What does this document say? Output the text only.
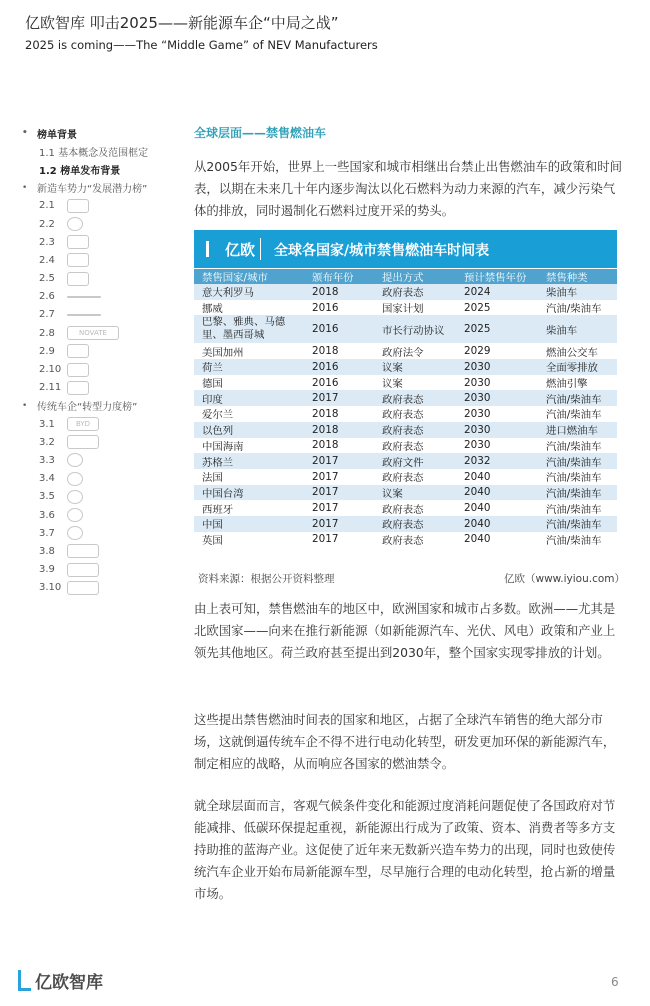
亿欧智库 叩击2025——新能源车企“中局之战”
2025 is coming——The “Middle Game” of NEV Manufacturers
• 榜单背景
1.1 基本概念及范围框定
1.2 榜单发布背景
• 新造车势力“发展潜力榜”
2.1
2.2
2.3
2.4
2.5
2.6
2.7
2.8	NOVATE
2.9
2.10
2.11
• 传统车企“转型力度榜”
3.1	BYD
3.2
3.3
3.4
3.5
3.6
3.7
3.8
3.9
3.10
全球层面——禁售燃油车
从2005年开始，世界上一些国家和城市相继出台禁止出售燃油车的政策和时间表，以期在未来几十年内逐步淘汰以化石燃料为动力来源的汽车，减少污染气体的排放，同时遏制化石燃料过度开采的势头。
亿欧 全球各国家/城市禁售燃油车时间表
禁售国家/城市	颁布年份	提出方式	预计禁售年份	禁售种类
意大利罗马	2018	政府表态	2024	柴油车
挪威	2016	国家计划	2025	汽油/柴油车
巴黎、雅典、马德里、墨西哥城	2016	市长行动协议	2025	柴油车
美国加州	2018	政府法令	2029	燃油公交车
荷兰	2016	议案	2030	全面零排放
德国	2016	议案	2030	燃油引擎
印度	2017	政府表态	2030	汽油/柴油车
爱尔兰	2018	政府表态	2030	汽油/柴油车
以色列	2018	政府表态	2030	进口燃油车
中国海南	2018	政府表态	2030	汽油/柴油车
苏格兰	2017	政府文件	2032	汽油/柴油车
法国	2017	政府表态	2040	汽油/柴油车
中国台湾	2017	议案	2040	汽油/柴油车
西班牙	2017	政府表态	2040	汽油/柴油车
中国	2017	政府表态	2040	汽油/柴油车
英国	2017	政府表态	2040	汽油/柴油车
资料来源：根据公开资料整理	亿欧（www.iyiou.com）
由上表可知，禁售燃油车的地区中，欧洲国家和城市占多数。欧洲——尤其是北欧国家——向来在推行新能源（如新能源汽车、光伏、风电）政策和产业上领先其他地区。荷兰政府甚至提出到2030年，整个国家实现零排放的计划。
这些提出禁售燃油时间表的国家和地区，占据了全球汽车销售的绝大部分市场，这就倒逼传统车企不得不进行电动化转型，研发更加环保的新能源汽车，制定相应的战略，从而响应各国家的燃油禁令。
就全球层面而言，客观气候条件变化和能源过度消耗问题促使了各国政府对节能减排、低碳环保提起重视，新能源出行成为了政策、资本、消费者等多方支持助推的蓝海产业。这促使了近年来无数新兴造车势力的出现，同时也致使传统汽车企业开始布局新能源车型，尽早施行合理的电动化转型，抢占新的增量市场。
亿欧智库	6
